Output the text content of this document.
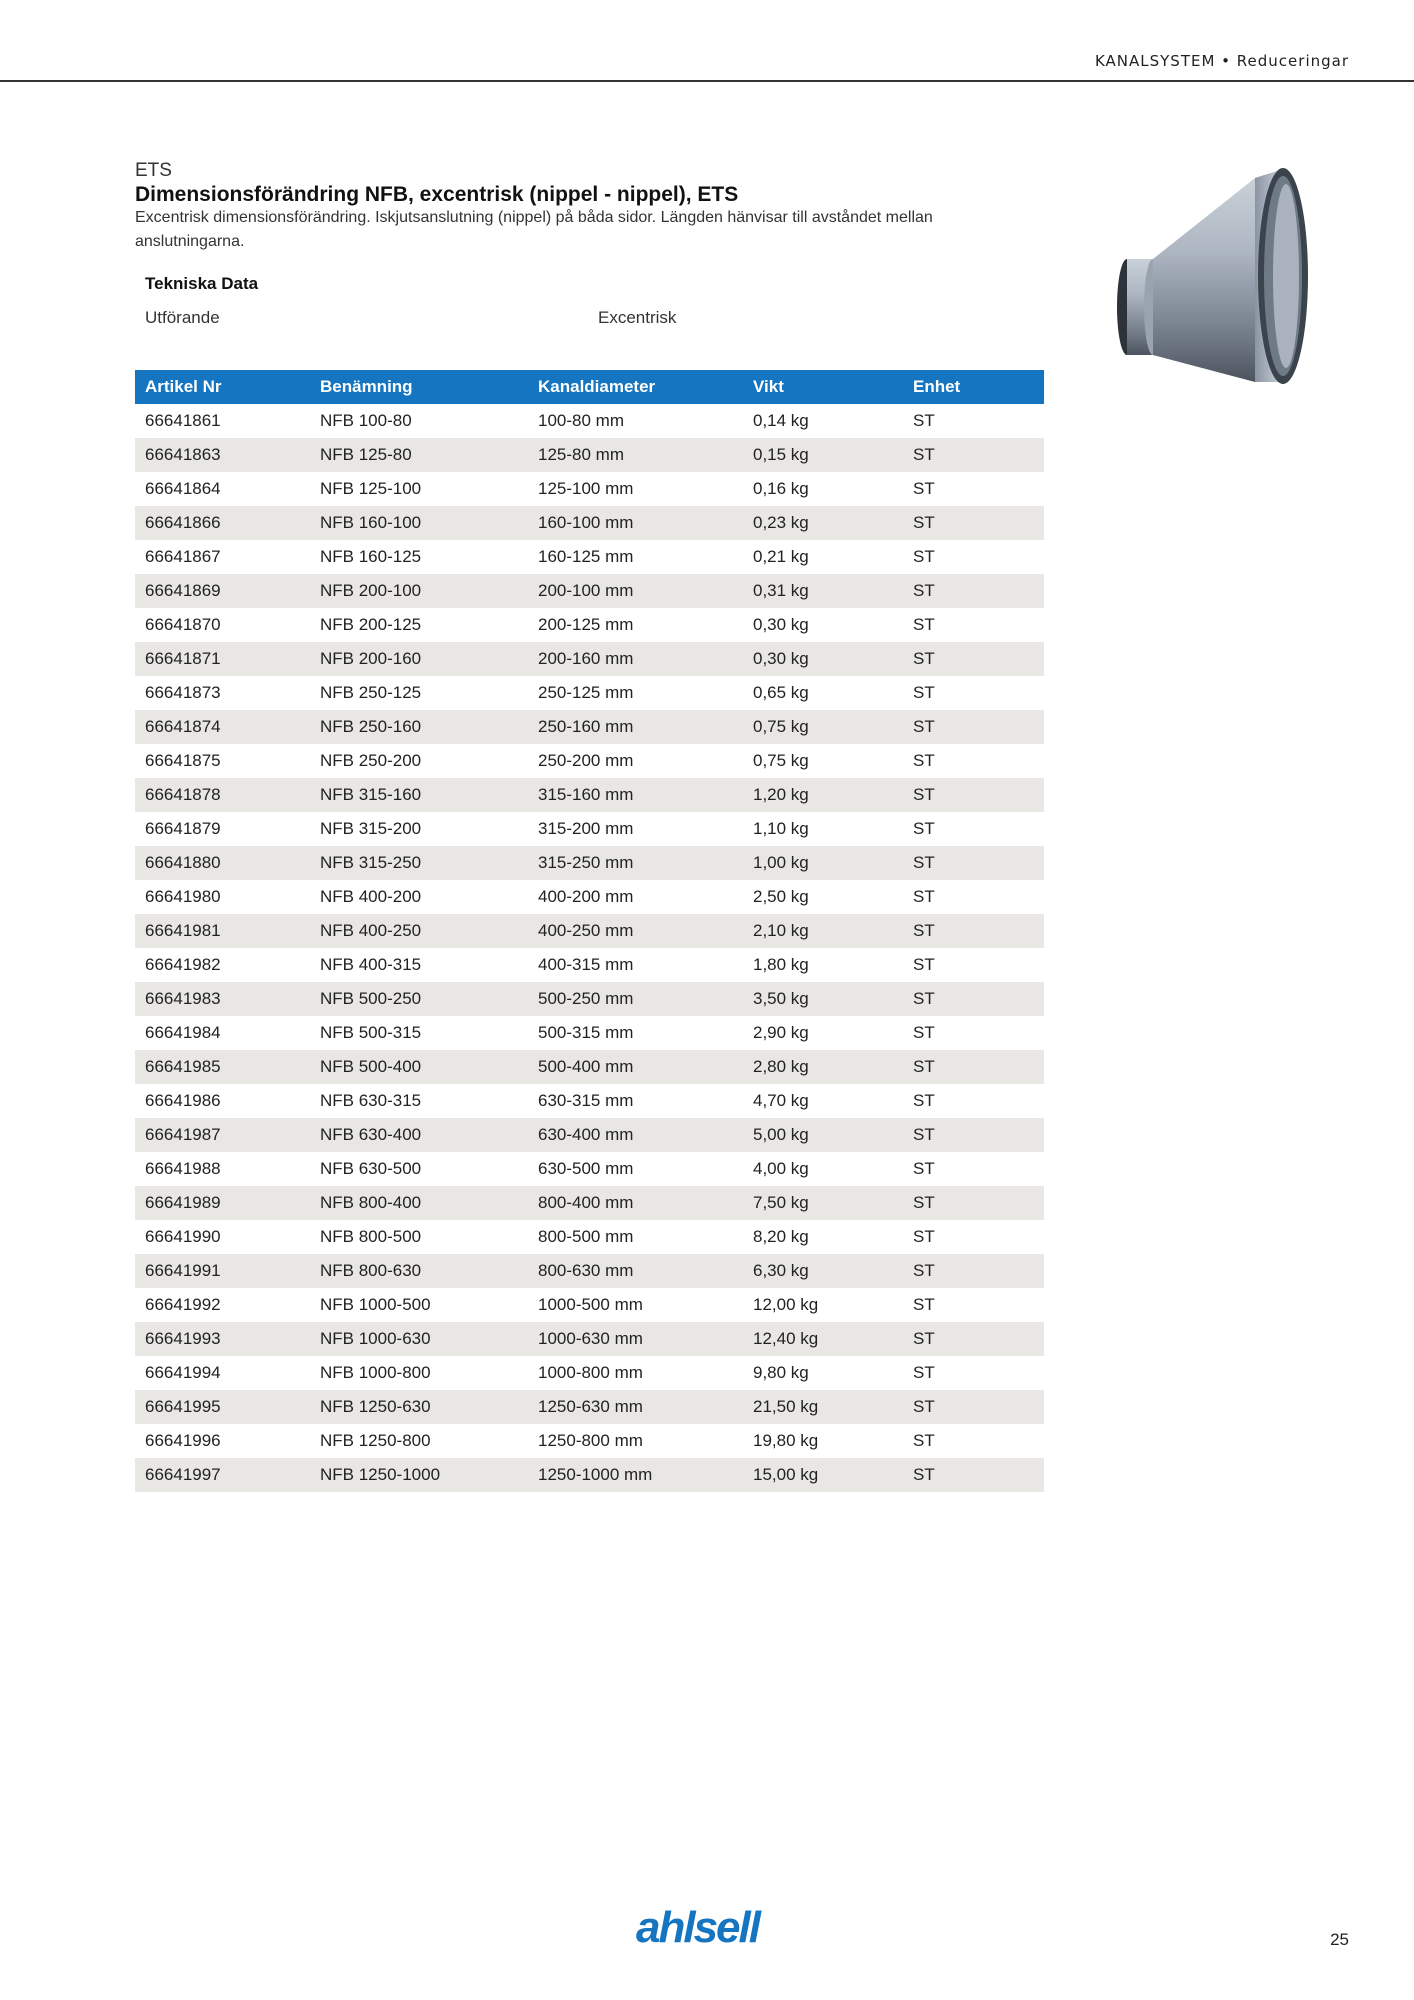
KANALSYSTEM • Reduceringar
ETS
Dimensionsförändring NFB, excentrisk (nippel - nippel), ETS
Excentrisk dimensionsförändring. Iskjutsanslutning (nippel) på båda sidor. Längden hänvisar till avståndet mellan anslutningarna.
Tekniska Data
Utförande	Excentrisk
Artikel Nr	Benämning	Kanaldiameter	Vikt	Enhet
66641861	NFB 100-80	100-80 mm	0,14 kg	ST
66641863	NFB 125-80	125-80 mm	0,15 kg	ST
66641864	NFB 125-100	125-100 mm	0,16 kg	ST
66641866	NFB 160-100	160-100 mm	0,23 kg	ST
66641867	NFB 160-125	160-125 mm	0,21 kg	ST
66641869	NFB 200-100	200-100 mm	0,31 kg	ST
66641870	NFB 200-125	200-125 mm	0,30 kg	ST
66641871	NFB 200-160	200-160 mm	0,30 kg	ST
66641873	NFB 250-125	250-125 mm	0,65 kg	ST
66641874	NFB 250-160	250-160 mm	0,75 kg	ST
66641875	NFB 250-200	250-200 mm	0,75 kg	ST
66641878	NFB 315-160	315-160 mm	1,20 kg	ST
66641879	NFB 315-200	315-200 mm	1,10 kg	ST
66641880	NFB 315-250	315-250 mm	1,00 kg	ST
66641980	NFB 400-200	400-200 mm	2,50 kg	ST
66641981	NFB 400-250	400-250 mm	2,10 kg	ST
66641982	NFB 400-315	400-315 mm	1,80 kg	ST
66641983	NFB 500-250	500-250 mm	3,50 kg	ST
66641984	NFB 500-315	500-315 mm	2,90 kg	ST
66641985	NFB 500-400	500-400 mm	2,80 kg	ST
66641986	NFB 630-315	630-315 mm	4,70 kg	ST
66641987	NFB 630-400	630-400 mm	5,00 kg	ST
66641988	NFB 630-500	630-500 mm	4,00 kg	ST
66641989	NFB 800-400	800-400 mm	7,50 kg	ST
66641990	NFB 800-500	800-500 mm	8,20 kg	ST
66641991	NFB 800-630	800-630 mm	6,30 kg	ST
66641992	NFB 1000-500	1000-500 mm	12,00 kg	ST
66641993	NFB 1000-630	1000-630 mm	12,40 kg	ST
66641994	NFB 1000-800	1000-800 mm	9,80 kg	ST
66641995	NFB 1250-630	1250-630 mm	21,50 kg	ST
66641996	NFB 1250-800	1250-800 mm	19,80 kg	ST
66641997	NFB 1250-1000	1250-1000 mm	15,00 kg	ST
ahlsell	25
